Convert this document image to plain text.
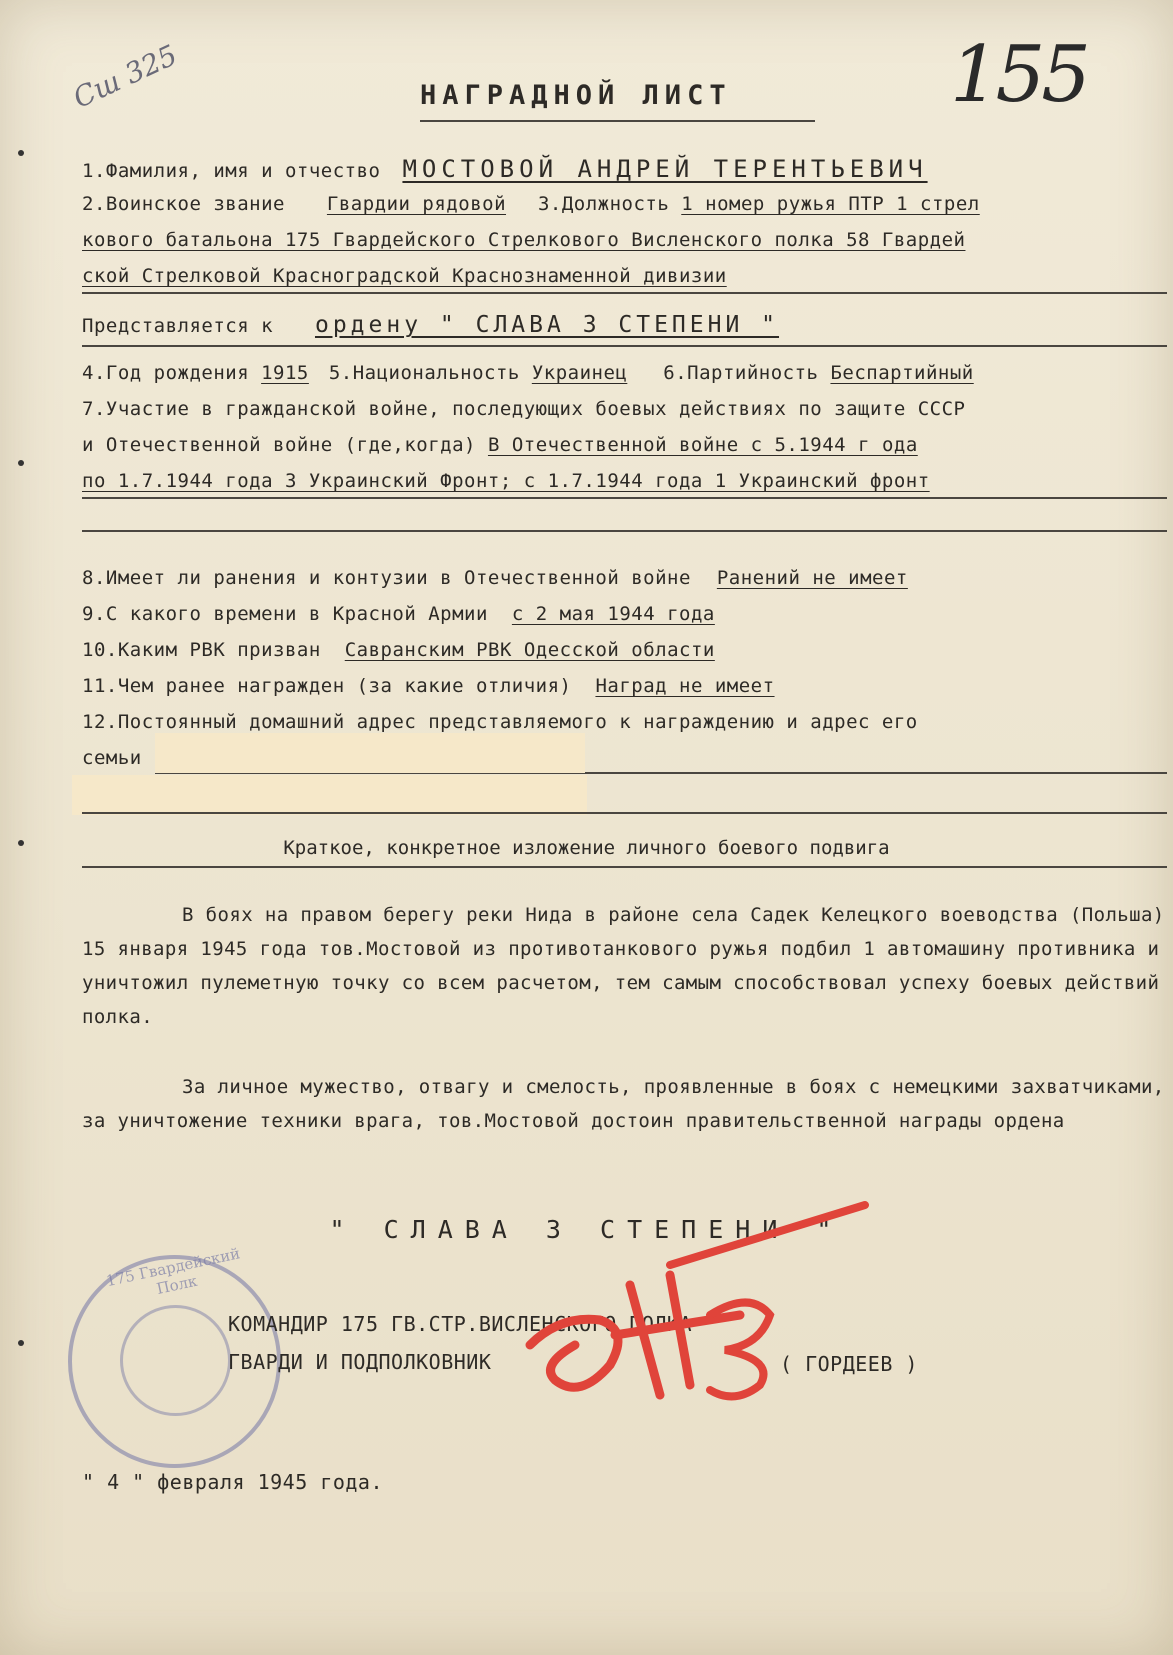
Сш 325	155
НАГРАДНОЙ ЛИСТ
1.Фамилия, имя и отчество МОСТОВОЙ АНДРЕЙ ТЕРЕНТЬЕВИЧ
2.Воинское звание Гвардии рядовой 3.Должность 1 номер ружья ПТР 1 стрел
кового батальона 175 Гвардейского Стрелкового Висленского полка 58 Гвардей
ской Стрелковой Красноградской Краснознаменной дивизии
Представляется к ордену " СЛАВА 3 СТЕПЕНИ "
4.Год рождения 1915 5.Национальность Украинец 6.Партийность Беспартийный
7.Участие в гражданской войне, последующих боевых действиях по защите СССР
и Отечественной войне (где,когда) В Отечественной войне с 5.1944 г ода
по 1.7.1944 года 3 Украинский Фронт; с 1.7.1944 года 1 Украинский фронт
8.Имеет ли ранения и контузии в Отечественной войне Ранений не имеет
9.С какого времени в Красной Армии с 2 мая 1944 года
10.Каким РВК призван Савранским РВК Одесской области
11.Чем ранее награжден (за какие отличия) Наград не имеет
12.Постоянный домашний адрес представляемого к награждению и адрес его
семьи
Краткое, конкретное изложение личного боевого подвига
В боях на правом берегу реки Нида в районе села Садек Келецкого воеводства (Польша) 15 января 1945 года тов.Мостовой из противотанкового ружья подбил 1 автомашину противника и уничтожил пулеметную точку со всем расчетом, тем самым способствовал успеху боевых действий полка.
За личное мужество, отвагу и смелость, проявленные в боях с немецкими захватчиками, за уничтожение техники врага, тов.Мостовой достоин правительственной награды ордена
" СЛАВА 3 СТЕПЕНИ "
175 Гвардейский Полк
КОМАНДИР 175 ГВ.СТР.ВИСЛЕНСКОГО ПОЛКА
ГВАРДИ И ПОДПОЛКОВНИК	( ГОРДЕЕВ )
" 4 " февраля 1945 года.
